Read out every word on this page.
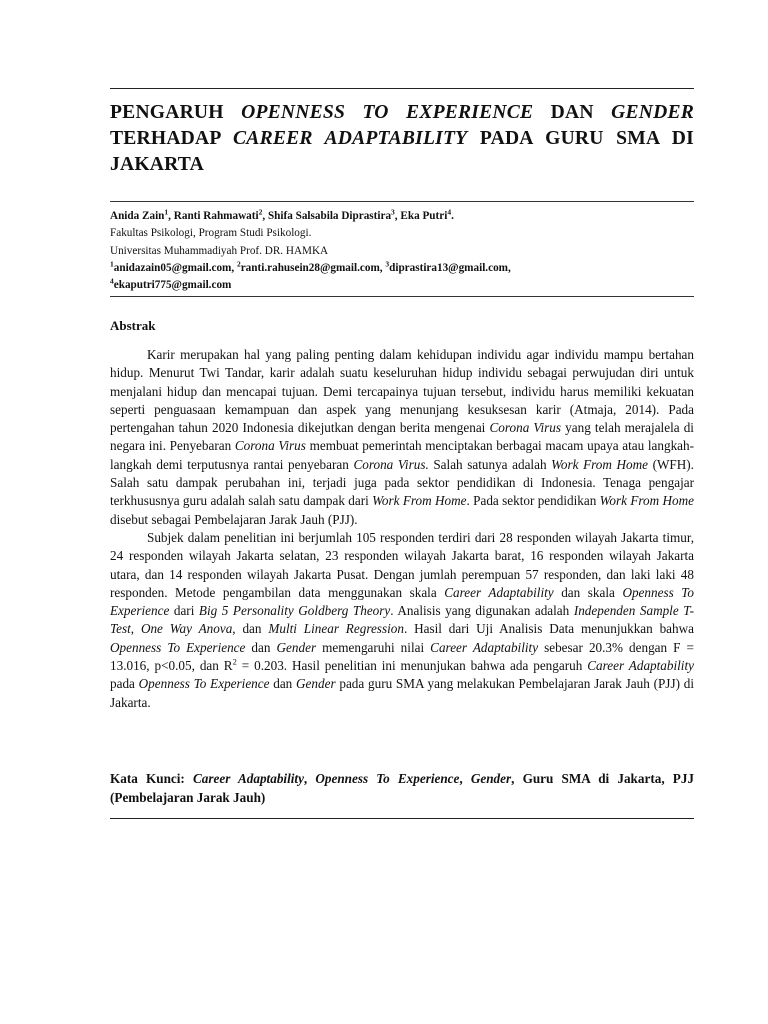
PENGARUH OPENNESS TO EXPERIENCE DAN GENDER
TERHADAP CAREER ADAPTABILITY PADA GURU SMA DI
JAKARTA
Anida Zain$^1$, Ranti Rahmawati$^2$, Shifa Salsabila Diprastira$^3$, Eka Putri$^4$.
Fakultas Psikologi, Program Studi Psikologi.
Universitas Muhammadiyah Prof. DR. HAMKA
$^1$anidazain05@gmail.com, $^2$ranti.rahusein28@gmail.com, $^3$diprastira13@gmail.com,
$^4$ekaputri775@gmail.com
Abstrak

Karir merupakan hal yang paling penting dalam kehidupan individu agar individu mampu bertahan hidup. Menurut Twi Tandar, karir adalah suatu keseluruhan hidup individu sebagai perwujudan diri untuk menjalani hidup dan mencapai tujuan. Demi tercapainya tujuan tersebut, individu harus memiliki kekuatan seperti penguasaan kemampuan dan aspek yang menunjang kesuksesan karir (Atmaja, 2014). Pada pertengahan tahun 2020 Indonesia dikejutkan dengan berita mengenai Corona Virus yang telah merajalela di negara ini. Penyebaran Corona Virus membuat pemerintah menciptakan berbagai macam upaya atau langkah-langkah demi terputusnya rantai penyebaran Corona Virus. Salah satunya adalah Work From Home (WFH). Salah satu dampak perubahan ini, terjadi juga pada sektor pendidikan di Indonesia. Tenaga pengajar terkhususnya guru adalah salah satu dampak dari Work From Home. Pada sektor pendidikan Work From Home disebut sebagai Pembelajaran Jarak Jauh (PJJ).

Subjek dalam penelitian ini berjumlah 105 responden terdiri dari 28 responden wilayah Jakarta timur, 24 responden wilayah Jakarta selatan, 23 responden wilayah Jakarta barat, 16 responden wilayah Jakarta utara, dan 14 responden wilayah Jakarta Pusat. Dengan jumlah perempuan 57 responden, dan laki laki 48 responden. Metode pengambilan data menggunakan skala Career Adaptability dan skala Openness To Experience dari Big 5 Personality Goldberg Theory. Analisis yang digunakan adalah Independen Sample T-Test, One Way Anova, dan Multi Linear Regression. Hasil dari Uji Analisis Data menunjukkan bahwa Openness To Experience dan Gender memengaruhi nilai Career Adaptability sebesar 20.3% dengan F = 13.016, p<0.05, dan $R^2 = 0.203$. Hasil penelitian ini menunjukan bahwa ada pengaruh Career Adaptability pada Openness To Experience dan Gender pada guru SMA yang melakukan Pembelajaran Jarak Jauh (PJJ) di Jakarta.

Kata Kunci: Career Adaptability, Openness To Experience, Gender, Guru SMA di Jakarta, PJJ (Pembelajaran Jarak Jauh)
